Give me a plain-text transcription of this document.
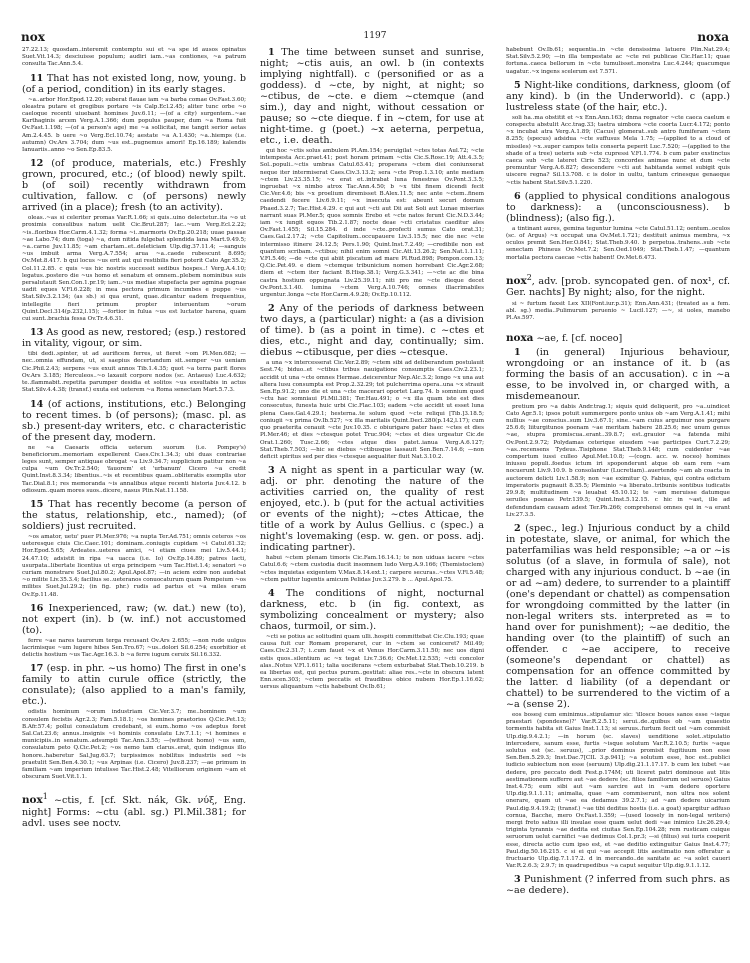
nox	1197	noxa

27.22.13; quosdam..interemit contemptu sui et ~a spe id ausos opinatus Suet.Vit.14.3; desciuisse populum; audiri iam..~as contiones, ~a patrum consulta Tac.Ann.5.4.

11 That has not existed long, now, young. b (of a period, condition) in its early stages.

~a..arbor Hor.Epod.12.20; suberat flauae iam ~a barba comae Ov.Fast.3.60; oleastra putare et gregibus portare ~is Calp.Ecl.2.45; aliter tunc orbe ~o caeloque recenti uiuebant homines Juv.6.11; —(of a city) surgentem..~ae Karthaginis arcem Verg.A.1.366; dum populus pauper, dum ~a Roma fuit Ov.Fast.1.198; —(of a person's age) me ~a sollicitat, me tangit serior aetas Am.2.4.45. b uere ~o Verg.Ecl.10.74; aestate ~a A.1.430; ~a..hiemps (i.e. autumn) Ov.Ars 3.704; dum ~us est..pugnemus amori! Ep.16.189; kalendis Ianuariis..anno ~o Sen.Ep.83.5.

12 (of produce, materials, etc.) Freshly grown, procured, etc.; (of blood) newly spilt. b (of soil) recently withdrawn from cultivation, fallow. c (of persons) newly arrived (in a place); fresh (to an activity).

oleas..~as si celeriter promas Var.R.1.66; si quis..uino delectetur..ita ~o ut proximis consulibus natum uelit Cic.Brut.287; lac..~um Verg.Ecl.2.22; ~is..floribus Hor.Carm.4.1.32; forma ~i..marmoris Ov.Ep.20.218; uuae passae ~ae Labo.74; dum (toga) ~a, dum nitida fulgebat splendida lana Mart.9.49.5; ~a..carne Juv.11.85; ~am chartam..et..deleticiam Ulp.dig.37.11.4; —sanguis ~us imbuit arma Verg.A.7.554; arua ~a..caede rubescunt 8.695; Ov.Met.8.417. b qui locus ~us erit aut qui restibilis fieri poterit Cato Agr.35.2; Col.11.2.85. c quis ~us hic nostris successit sedibus hospes..! Verg.A.4.10; legatus..postero die ~us homo et senatum et omnem..plebem nominibus suis persalutauit Sen.Con.1.pr.19; iam..~us mediae stupefacta per agmina pugnae uadit eques V.Fl.6.228; in mea pectora primum incumbes e puppe ~us Stat.Silv.3.2.134; (as sb.) si qua erunt, quae..dicantur eadem frequentius, intellegite fieri primum propter interuentum ~orum Quint.Decl.314(p.232,l.15); —fortior in fulua ~us est luctator harena, quam cui sunt..brachia fessa Ov.Tr.4.6.31.

13 As good as new, restored; (esp.) restored in vitality, vigour, or sim.

tibi dedi..spinter, ut ad aurificem ferres, ut fieret ~om Pl.Men.682; —nec..omnia effundam, ut, si saepius decertandum sit..semper ~us ueniam Cic.Phil.2.43; serpens ~us exuit annos Tib.1.4.35; quot ~a terra parit flores Ov.Ars 3.185; Herculeos..~o laxauit corpore nodos (sc. Antaeus) Luc.4.632; te..flammabit..repetita parumper desidia et solitos ~us exsultabis in actus Stat.Silv.4.4.38; (transf.) exuta est ueterem ~a Roma senectam Mart.5.7.3.

14 (of actions, institutions, etc.) Belonging to recent times. b (of persons); (masc. pl. as sb.) present-day writers, etc. c characteristic of the present day, modern.

ne ~a Caesaris officia ueterum suorum (i.e. Pompey's) beneficiorum..memoriam expellerent Caes.Civ.1.34.3; ubi duas contrariae leges sunt, semper antiquae obrogat ~a Liv.9.34.7; supplicium patitur non ~a culpa ~um Ov.Tr.2.540; 'fauorem' et 'urbanum' Cicero ~a credit Quint.Inst.8.3.34; libentius..~is et recentibus quam..obliteratis exemplis utor Tac.Dial.8.1; res memoranda ~is annalibus atque recenti historia Juv.4.12. b odiosum..quam mores suos..dicere, nasus Plin.Nat.11.158.

15 That has recently become (a person of the status, relationship, etc., named); (of soldiers) just recruited.

~os amator, uetu' puer Pl.Mer.976; ~a nupta Ter.Ad.751; omnis ceteros ~os ueteresque ciuis Cic.Caec.101; dominam..coniugis cupidam ~i Catul.61.32; Hor.Epod.5.65; Ardeates..ueteres amici, ~i etiam ciues mei Liv.5.44.1; 24.47.10; adsistit in ripa ~a uacca (i.e. Io) Ov.Ep.14.89; patres lacti, usurpata..libertate licentius ut erga principem ~um Tac.Hist.1.4; senatori ~o curiam monstrare Suet.Jul.80.2; Apul.Apol.87; —in aciem exire non audebat ~o milite Liv.35.3.4; facilius se..ueteranos conuocaturum quam Pompeium ~os milites Suet.Jul.29.2; (in fig. phr.) rudis ad partus et ~a miles eram Ov.Ep.11.48.

16 Inexperienced, raw; (w. dat.) new (to), not expert (in). b (w. inf.) not accustomed (to).

ferre ~ae nares taurorum terga recusant Ov.Ars 2.655; —non rude uulgus lacrimisque ~um lugere hibes Sen.Tro.67; ~us..dolori Sil.6.254; exorbitior et delictis hostium ~us Tac.Agr.16.3. b ~a ferre iugum ceruix Sil.16.332.

17 (esp. in phr. ~us homo) The first in one's family to attin curule office (strictly, the consulate); (also applied to a man's family, etc.).

odistis hominum ~orum industriam Cic.Ver.3.7; me..hominem ~um consulem fecistis Agr.2.3; Fam.5.18.1; ~os homines praetorios Q.Cic.Pet.13; B.Afr.57.4; pollui consulatum credebant, si eum..homo ~os adeptus foret Sal.Cat.23.6; annus..insignis ~i hominis consulatu Liv.7.1.1; ~i homines e municipiis..in senatum..adsumpti Tac.Ann.3.55; —(without homo) ~us sum, consulatum peto Q.Cic.Pet.2; ~os nemo tam clarus..erat, quin indignus illo honore..haberetur Sal.Jug.63.7; turpissimos nobilitus industriis sed ~is praetulit Sen.Ben.4.30.1; ~us Arpinas (i.e. Cicero) Juv.8.237; —ae primum in familiam ~am imperium intulisse Tac.Hist.2.48; Vitelliorum originem ~am et obscuram Suet.Vit.1.1.

nox$^1$ ~ctis, f. [cf. Skt. nák, Gk. νύξ, Eng. night] Forms: ~ctu (abl. sg.) Pl.Mil.381; for advl. uses see noctv.

1 The time between sunset and sunrise, night; ~ctis auis, an owl. b (in contexts implying nightfall). c (personified or as a goddess). d ~cte, by night, at night; so ~ctibus, de ~cte. e diem ~ctemque (and sim.), day and night, without cessation or pause; so ~cte dieque. f in ~ctem, for use at night-time. g (poet.) ~x aeterna, perpetua, etc., i.e. death.

qui hoc ~ctis solus ambulem Pl.Am.154; peruigilat ~ctes totas Aul.72; ~cte intempesta Acc.praet.41; post horam primam ~ctis Cic.S.Rosc.19; Att.4.3.5; Sol..populi..~ctis umbras Catul.63.41; properans ~ctem diei coniunxerat neque iter intermiserat Caes.Civ.3.13.2; sera ~cte Prop.1.3.10; ante mediam ~ctem Liv.23.35.15; ~x erat et..intrabat luna fenestras Ov.Pont.3.3.5; ingruebat ~x nimbo atrox Tac.Ann.4.50; b ~x tibi finem dicendi fecit Cic.Ver.4.6; bis ~x proelium diremisset B.Alex.11.5; nec ante ~ctem..finem caedendi fecere Liv.6.9.11; ~x insecuta est: abeunt securi domum Phaed.3.2.7; Tac.Hist.4.29. c qui aut ~cti aut Dii aut Soli aut Lunae miserias narrant suas Pl.Mer.5; quos somnis Erebo et ~cte natos ferunt Cic.N.D.3.44; iam ~x iungit equos Tib.2.1.87; nocte deae ~cti cristatus caeditur ales Ov.Fast.1.455; Sil.15.284. d inde ~cte..profecti sumus Cato orat.31; Caes.Gal.2.17.2; ~cte Capitolium..occupauere Liv.3.15.5; nec die nec ~cte intermisso itinere 24.12.5; Pers.1.90; Quint.Inst.7.2.49; —credibile non est quantum scribam..~ctibus; nihil enim somni Cic.Att.13.26.2; Sen.Nat.1.1.11; V.Fl.5.46; —de ~cte qui abiit piscatum ad mare Pl.Rud.898; Pompon.com.13; Q.Cic.Pet.49. e diem ~ctemque tribunicium nomen horrebant Cic.Agr.2.68; diem et ~ctem iter faciant B.Hisp.38.1; Verg.G.3.341; —~cte ac die bina castra hostium oppugnata Liv.25.39.11; niti pro me ~cte dieque decet Ov.Pont.3.1.40. lumina ~ctem Verg.A.10.746; omnes illacrimabiles urgentur..longa ~cte Hor.Carm.4.9.28; Ov.Ep.10.112.

2 Any of the periods of darkness between two days, a (particular) night: a (as a division of time). b (as a point in time). c ~ctes et dies, etc., night and day, continually; sim. diebus ~ctibusque, per dies ~ctesque.

a una ~x intercesserat Cic.Ver.2.89; ~ctem sibi ad deliberandum postulauit Sest.74; biduo..et ~ctibus tribus nauigatione consumptis Caes.Civ.2.23.1; accidit ut una ~cte omnes Hermae..deicerentur Nep.Alc.3.2; longo ~x una aut altera lusu consumpta est Prop.2.32.29; tot pulcherrima opera..una ~x strauit Sen.Ep.91.2; uno die et una ~cte macerari oportet Larg.74. b somnium quod ~ctu hac somniaui Pl.Mil.381; Ter.Hau.491; o ~x illa quam iste est dies consecutus, funesta huic urbi Cic.Flac.103; eadem ~cte accidit ut esset luna plena Caes.Gal.4.29.1; hesterna..te solum quod ~cte reliqui [Tib.]3.18.5; coniugii ~x prima Ov.Ib.527; ~x illa maritalis Quint.Decl.280(p.142,l.17); cum quo praeterita cenauit ~cte Juv.10.35. c obiurigare pater haec ~ctes et dies Pl.Mer.46; et dies ~ctesque potet Truc.904; ~ctes et dies urgeatur Cic.de Orat.1.260; Tusc.2.66; ~ctes atque dies patet..ianua Verg.A.6.127; Stat.Theb.7.503; —hic se diebus ~ctibusque lassauit Sen.Ben.7.14.6; —non deficit spiritus sed per dies ~ctesque aequaliter fluit Nat.3.10.2.

3 A night as spent in a particular way (w. adj. or phr. denoting the nature of the activities carried on, the quality of rest enjoyed, etc.). b (put for the actual activities or events of the night); ~ctes Atticae, the title of a work by Aulus Gellius. c (spec.) a night's lovemaking (esp. w. gen. or poss. adj. indicating partner).

habui ~ctem plenam timoris Cic.Fam.16.14.1; te non uiduas iacere ~ctes Catul.6.6; ~ctem custodia ducit insomnem ludo Verg.A.9.166; (Themistoclem) ~ctes inquietas exigentem V.Max.8.14.ext.1; carpere securas..~ctes V.Fl.5.48; ~ctem patitur lugentis amicum Pelidas Juv.3.279. b ... Apul.Apol.75.

4 The conditions of night, nocturnal darkness, etc. b (in fig. context, as symbolizing concealment or mystery; also chaos, turmoil, or sim.).

~cti se potius ac solitudini quam ulli..hospiti committebat Cic.Clu.193; quae causa fuit cur Romam properaret, cur in ~ctem se coniceret? Mil.49; Caes.Civ.2.31.7; i..cum fauet ~x et Venus Hor.Carm.3.11.50; nec uos digni estis quos..silentium ac ~x tegat Liv.7.36.6; Ov.Met.12.535; ~cti concolor alas..Notus V.Fl.1.611; talia uociferans ~ctem exturbabat Stat.Theb.10.219. b ea libertas est, qui pectus purum..gestitat: aliae res..~cte in obscura latent Enn.scen.303; ~ctem peccatis et fraudibus obice nubem Hor.Ep.1.16.62; uersus aliquantum ~ctis habebunt Ov.Ib.61;

habebunt Ov.Ib.61; sequentia..in ~cte densissima latuere Plin.Nat.29.4; Stat.Silv.5.2.90; —in illa tempestate ac ~cte rei publicae Cic.Har.11; quae fortuna..caeca bellorum in ~cte tumulisset..monstra Luc.4.244; quacumque uagatur..~x ingens scelerum est 7.571.

5 Night-like conditions, darkness, gloom (of any kind). b (in the Underworld). c (app.) lustreless state (of the hair, etc.).

soli ha..ma obstitit et ~x Enn.Ann.163; dnma regnator ~cte caeca caelum e conspectu abstulit Acc.trag.33; taetra uimbora ~cte coorta Lucr.4.172; ponto ~x incubat atra Verg.A.1.89; (Cacus) glomerat..sub antro fumiferam ~ctem 8.255; (specus) adsidua ~cte suffusus Mela 1.75; —(applied to a cloud of missiles) ~x..super campos telis conserta peperit Luc.7.520; —(applied to the shade of a tree) ueteris sub ~cte cupressi V.Fl.1.774. b cum pater exstinctus caeca sub ~cte lateret Ciris 523; concordes animae nunc et dum ~cte premuntur Verg.A.6.827; descendere ~cti aut habitanda semel subigit quis uiscere regna? Sil.13.708. c is dolor in uultu, tantum crinesque genaeque ~ctis habent Stat.Silv.5.1.220.

6 (applied to physical conditions analogous to darkness): a (unconsciousness). b (blindness); (also fig.).

a tintinant aures, gemina teguntur lumina ~cte Catul.51.12; oentum..oculos (sc. of Argus) ~x occupat una Ov.Met.1.721; destituit animus membra, ~x oculos premit Sen.Her.O.841; Stat.Theb.9.40. b perpetua..trahens..sub ~cte senectam Phineus Ov.Met.7.2; Sen.Oed.1049; Stat.Theb.1.47; —quantum mortalia pectora caecae ~ctis habent! Ov.Met.6.473.

nox$^2$, adv. [prob. syncopated gen. of nox¹, cf. Ger. nachts] By night; also, for the night.

si ~ furtum faxsit Lex XII(Font.iur.p.31); Enn.Ann.431; (treated as a fem. abl. sg.) media..Pulimurum peruenio ~ Lucil.127; —~, si uoles, manebo Pl.As.597.

noxa ~ae, f. [cf. noceo]

1 (in general) Injurious behaviour, wrongdoing or an instance of it. b (as forming the basis of an accusation). c in ~a esse, to be involved in, or charged with, a misdemeanour.

pretium pro ~a dabis Andr.trag.1; siquis quid deliquerit, pro ~a..uindicet Cato Agr.5.1; ipsos potuit summergere ponto unius ob ~am Verg.A.1.41; mihi nullius ~ae conscius..sum Liv.3.67.1; sine..~am cuius arguimur nos purgare 25.6.6; liiturgitunos poenam ~ae meritam habere 28.25.6; nec unum genus ~ae, stupra promiscua..erant..39.8.7; est..grauior ~a fatenda mihi Ov.Pont.2.9.72; Polydamas ceterique eiusdem ~ae participes Curt.7.2.29; ~as..recensens Tydeus..Tisiphone Stat.Theb.9.148; cum cuidenter ~ae compertum iussi culleo Apul.Met.10.8; —(cogn. acc. w. noceo) homines iniussu populi..foedus ictum iri spoponderunt atque ob eam rem ~am nocuerunt Liv.9.10.9. b consolantur (Lucretiam)..auertendo ~am ab coacta in auctorem delicti Liv.1.58.9; non ~ae eximitur Q. Fabius, qui contra edictum imperatoris pugnauit 8.35.5; Pleminio ~a liberato..tribunis sontibus iudicatis 29.9.8; multitudinem ~a leuabat 45.10.12; te ~am meruisse datumque seruiles poenas Petr.139.5; Quint.Inst.5.12.15. c hic in ~ast, ille ad defendundam causam adest Ter.Ph.266; comprehensi omnes qui in ~a erant Liv.27.3.5.

2 (spec., leg.) Injurious conduct by a child in potestate, slave, or animal, for which the paterfamilias was held responsible; ~a or ~is solutus (of a slave, in formula of sale), not charged with any injurious conduct. b ~ae (in or ad ~am) dedere, to surrender to a plaintiff (one's dependant or chattel) as compensation for wrongdoing committed by the latter (in non-legal writers sts. interpreted as = to hand over for punishment); ~ae deditio, the handing over (to the plaintiff) of such an offender. c ~ae accipere, to receive (someone's dependant or chattel) as compensation for an offence committed by the latter. d liability (of a dependant or chattel) to be surrendered to the victim of a ~a (sense 2).

eos bosesj cum eminimus..stipulamur sic: 'illosce boues sanos esse ~isque praestari (spondesne)?' Var.R.2.5.11; serui..de..quibus ob ~am quaestio tormentis habita sit Gaius Inst.1.13; si seruus..furtum fecit uel ~am commisit Ulp.dig.9.4.2.1; —in horum (sc. slaves) uenditione solet..stipulatio intercedere, sanum esse, furtis ~isque solutum Var.R.2.10.5; furtis ~aque solutus est (sc. seruus), ..prior dominus promisit fugitiuum non esse Sen.Ben.5.29.3; Inst.Dac.7[CIL 3.p.941]; ~a solutum esse, hoc est..publici iudicio subiectum non esse (seruum) Ulp.dig.21.1.17.17. b cum lex iubet ~ae dedere, pro peccato dedi Fest.p.174M; uti liceret patri dominoue aut litis aestimationem sufferre aut ~ae dedere (sc. filios familiorum uel seruos) Gaius Inst.4.75; eum sibi aut ~am sarcire aut in ~am dedere oportere Ulp.dig.9.1.1.11; animalia, quae ~am commiserunt, non ultra nos solent onerare, quam ut ~ae ea dedamus 39.2.7.1; ad ~am dedere uicarium Paul.dig.9.4.19.2; (transf.) ~ae tibi deditus hostis (i.e. a goat) spargitur adfuso cornua, Bacche, mero Ov.Fast.1.359; —(used loosely in non-legal writers) mergi freto satius illi insulae esse quam uelut dedi ~ae inimico Liv.26.29.4; triginta tyrannis ~ae dedita est ciuitas Sen.Ep.104.28; rem rusticam cuique seruorum uelut carnifici ~ae dedimus Col.1.pr.3; —si (filius) sui iuris coeperit esse, directa actio cum ipso est, et ~ae deditio extinguitur Gaius Inst.4.77; Paul.dig.50.16.215. c si ei qui ~ae accepit litis aestimatio non offeratur a fructuario Ulp.dig.7.1.17.2. d in mercando..de sanitate ac ~a solet caueri Var.R.2.6.3; 2.9.7; in quadrupedibus ~a caput sequitur Ulp.dig.9.1.1.12.

3 Punishment (? inferred from such phrs. as ~ae dedere).
